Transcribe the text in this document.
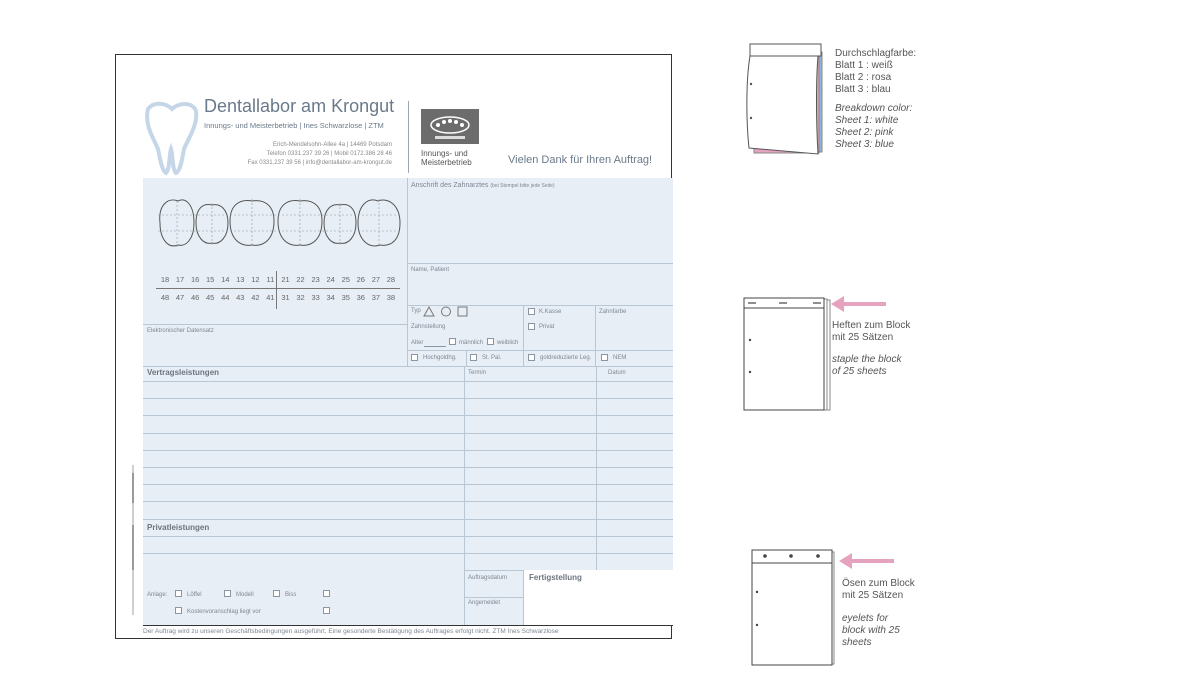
Dentallabor am Krongut
Innungs- und Meisterbetrieb | Ines Schwarzlose | ZTM
Erich-Mendelsohn-Allee 4a | 14469 Potsdam
Telefon 0331.237 39 26 | Mobil 0172.386 28 46
Fax 0331.237 39 56 | info@dentallabor-am-krongut.de
Innungs- und
Meisterbetrieb	Vielen Dank für Ihren Auftrag!
18 17 16 15 14 13 12 11 21 22 23 24 25 26 27 28
48 47 46 45 44 43 42 41 31 32 33 34 35 36 37 38
Anschrift des Zahnarztes (bei Stempel bitte jede Seite)
Name, Patient
Elektronischer Datensatz
Typ
Zahnstellung
Alter	männlich weiblich
K.Kasse
Privat
Zahnfarbe
Hochgoldhg.	St. Pal.	goldreduzierte Leg.	NEM
Vertragsleistungen	Termin	Datum
Privatleistungen
Fertigstellung
Auftragsdatum
Angemeldet
Anlage:	Löffel	Modell	Biss
Kostenvoranschlag liegt vor
Der Auftrag wird zu unseren Geschäftsbedingungen ausgeführt. Eine gesonderte Bestätigung des Auftrages erfolgt nicht. ZTM Ines Schwarzlose
Durchschlagfarbe:
Blatt 1 : weiß
Blatt 2 : rosa
Blatt 3 : blau
Breakdown color:
Sheet 1: white
Sheet 2: pink
Sheet 3: blue
Heften zum Block
mit 25 Sätzen
staple the block
of 25 sheets
Ösen zum Block
mit 25 Sätzen
eyelets for
block with 25
sheets
